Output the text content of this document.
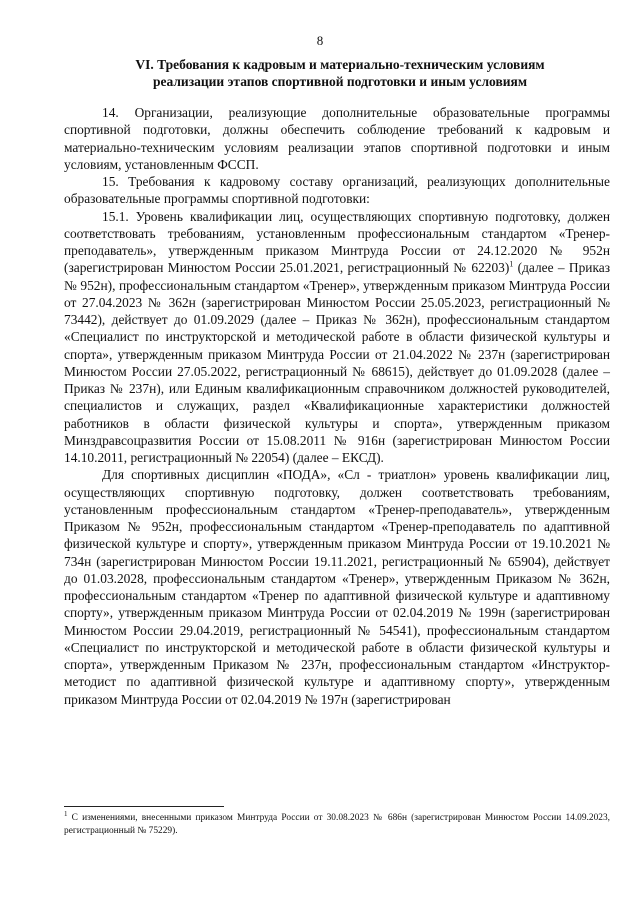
8
VI. Требования к кадровым и материально-техническим условиям
реализации этапов спортивной подготовки и иным условиям

14. Организации, реализующие дополнительные образовательные программы спортивной подготовки, должны обеспечить соблюдение требований к кадровым и материально-техническим условиям реализации этапов спортивной подготовки и иным условиям, установленным ФССП.

15. Требования к кадровому составу организаций, реализующих дополнительные образовательные программы спортивной подготовки:

15.1. Уровень квалификации лиц, осуществляющих спортивную подготовку, должен соответствовать требованиям, установленным профессиональным стандартом «Тренер-преподаватель», утвержденным приказом Минтруда России от 24.12.2020 № 952н (зарегистрирован Минюстом России 25.01.2021, регистрационный № 62203)$^1$ (далее – Приказ № 952н), профессиональным стандартом «Тренер», утвержденным приказом Минтруда России от 27.04.2023 № 362н (зарегистрирован Минюстом России 25.05.2023, регистрационный № 73442), действует до 01.09.2029 (далее – Приказ № 362н), профессиональным стандартом «Специалист по инструкторской и методической работе в области физической культуры и спорта», утвержденным приказом Минтруда России от 21.04.2022 № 237н (зарегистрирован Минюстом России 27.05.2022, регистрационный № 68615), действует до 01.09.2028 (далее – Приказ № 237н), или Единым квалификационным справочником должностей руководителей, специалистов и служащих, раздел «Квалификационные характеристики должностей работников в области физической культуры и спорта», утвержденным приказом Минздравсоцразвития России от 15.08.2011 № 916н (зарегистрирован Минюстом России 14.10.2011, регистрационный № 22054) (далее – ЕКСД).

Для спортивных дисциплин «ПОДА», «Сл - триатлон» уровень квалификации лиц, осуществляющих спортивную подготовку, должен соответствовать требованиям, установленным профессиональным стандартом «Тренер-преподаватель», утвержденным Приказом № 952н, профессиональным стандартом «Тренер-преподаватель по адаптивной физической культуре и спорту», утвержденным приказом Минтруда России от 19.10.2021 № 734н (зарегистрирован Минюстом России 19.11.2021, регистрационный № 65904), действует до 01.03.2028, профессиональным стандартом «Тренер», утвержденным Приказом № 362н, профессиональным стандартом «Тренер по адаптивной физической культуре и адаптивному спорту», утвержденным приказом Минтруда России от 02.04.2019 № 199н (зарегистрирован Минюстом России 29.04.2019, регистрационный № 54541), профессиональным стандартом «Специалист по инструкторской и методической работе в области физической культуры и спорта», утвержденным Приказом № 237н, профессиональным стандартом «Инструктор-методист по адаптивной физической культуре и адаптивному спорту», утвержденным приказом Минтруда России от 02.04.2019 № 197н (зарегистрирован

$^1$ С изменениями, внесенными приказом Минтруда России от 30.08.2023 № 686н (зарегистрирован Минюстом России 14.09.2023, регистрационный № 75229).
